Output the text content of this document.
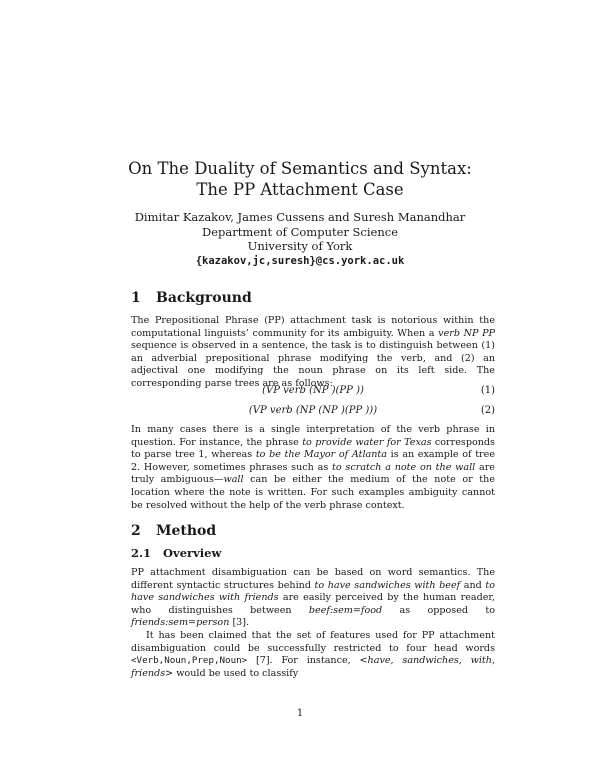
On The Duality of Semantics and Syntax:
The PP Attachment Case
Dimitar Kazakov, James Cussens and Suresh Manandhar
Department of Computer Science
University of York
{kazakov,jc,suresh}@cs.york.ac.uk
1 Background

The Prepositional Phrase (PP) attachment task is notorious within the computational linguists’ community for its ambiguity. When a verb NP PP sequence is observed in a sentence, the task is to distinguish between (1) an adverbial prepositional phrase modifying the verb, and (2) an adjectival one modifying the noun phrase on its left side. The corresponding parse trees are as follows:

(VP verb (NP )(PP ))	(1)
(VP verb (NP (NP )(PP )))	(2)

In many cases there is a single interpretation of the verb phrase in question. For instance, the phrase to provide water for Texas corresponds to parse tree 1, whereas to be the Mayor of Atlanta is an example of tree 2. However, sometimes phrases such as to scratch a note on the wall are truly ambiguous—wall can be either the medium of the note or the location where the note is written. For such examples ambiguity cannot be resolved without the help of the verb phrase context.

2 Method
2.1 Overview

PP attachment disambiguation can be based on word semantics. The different syntactic structures behind to have sandwiches with beef and to have sandwiches with friends are easily perceived by the human reader, who distinguishes between beef:sem=food as opposed to friends:sem=person [3].

It has been claimed that the set of features used for PP attachment disambiguation could be successfully restricted to four head words <Verb,Noun,Prep,Noun> [7]. For instance, <have, sandwiches, with, friends> would be used to classify

1
